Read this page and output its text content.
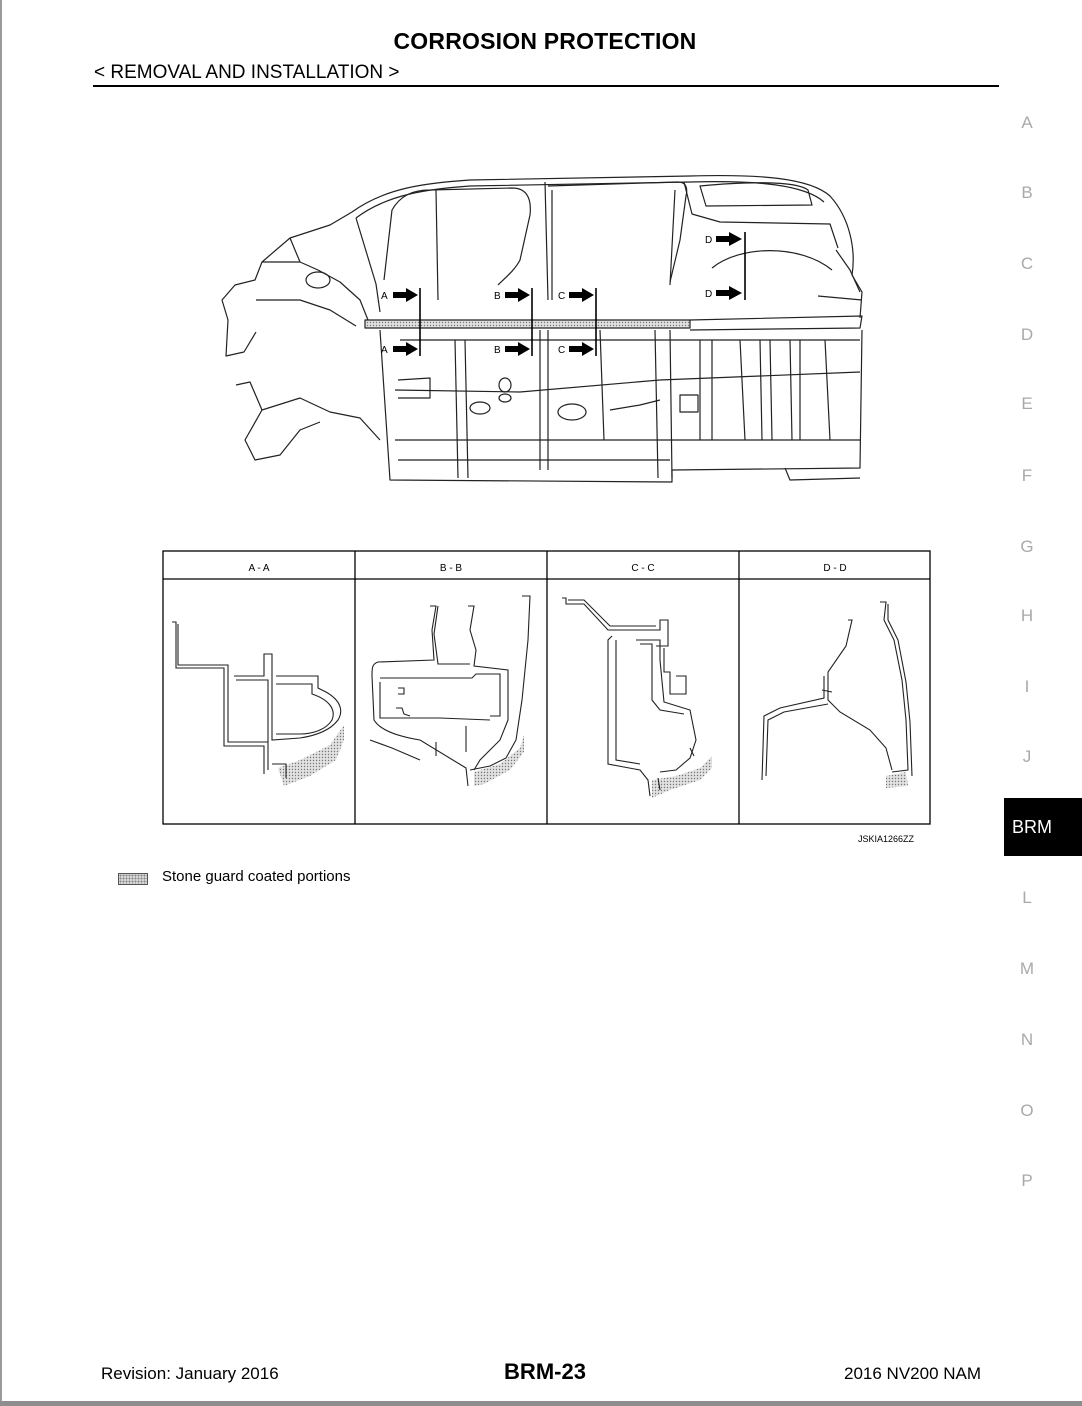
CORROSION PROTECTION
< REMOVAL AND INSTALLATION >
A
B
C
D
E
F
G
H
I
J
BRM
L
M
N
O
P
A
A
B
B
C
C
D
D
A - A	B - B	C - C	D - D
JSKIA1266ZZ
Stone guard coated portions
Revision: January 2016	BRM-23	2016 NV200 NAM
